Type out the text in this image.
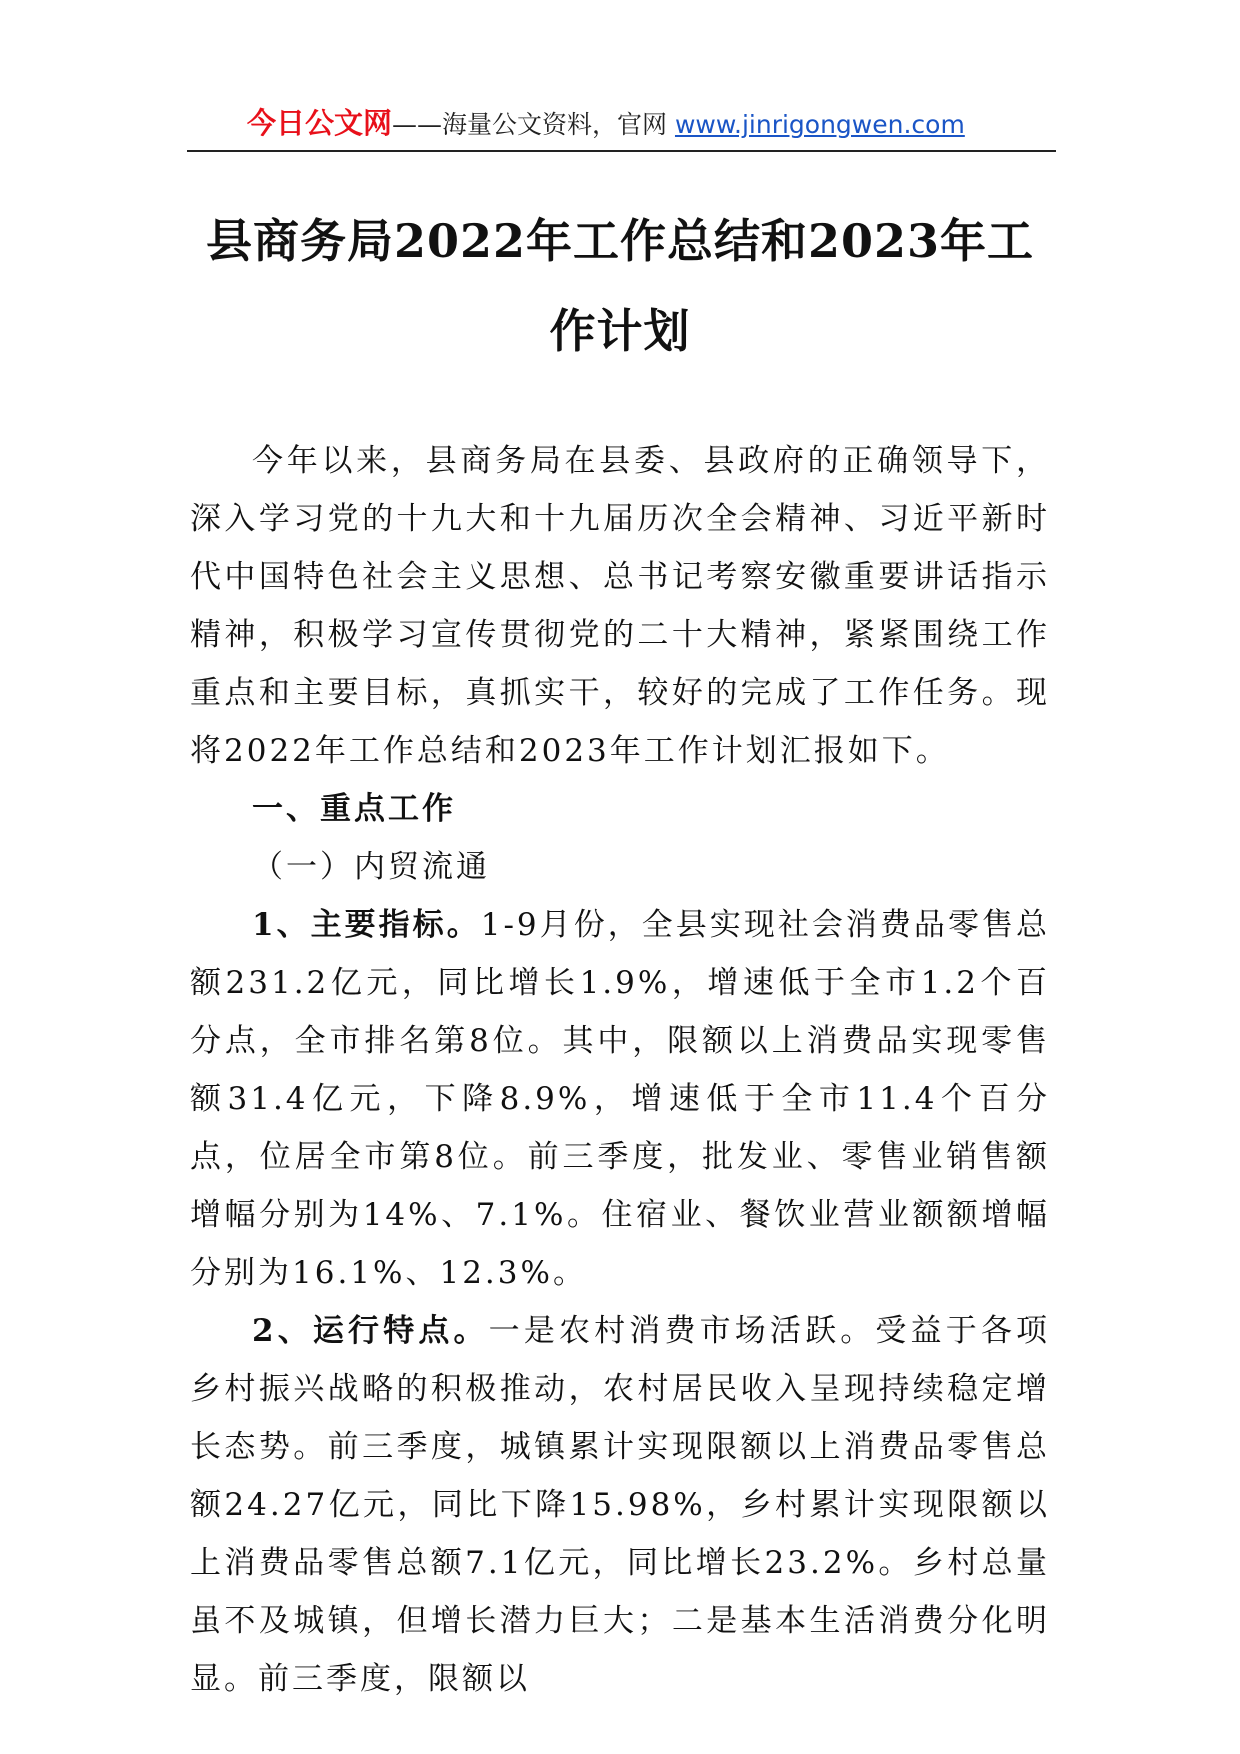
今日公文网——海量公文资料，官网 www.jinrigongwen.com
县商务局2022年工作总结和2023年工作计划

今年以来，县商务局在县委、县政府的正确领导下，深入学习党的十九大和十九届历次全会精神、习近平新时代中国特色社会主义思想、总书记考察安徽重要讲话指示精神，积极学习宣传贯彻党的二十大精神，紧紧围绕工作重点和主要目标，真抓实干，较好的完成了工作任务。现将2022年工作总结和2023年工作计划汇报如下。

一、重点工作

（一）内贸流通

1、主要指标。1-9月份，全县实现社会消费品零售总额231.2亿元，同比增长1.9%，增速低于全市1.2个百分点，全市排名第8位。其中，限额以上消费品实现零售额31.4亿元，下降8.9%，增速低于全市11.4个百分点，位居全市第8位。前三季度，批发业、零售业销售额增幅分别为14%、7.1%。住宿业、餐饮业营业额额增幅分别为16.1%、12.3%。

2、运行特点。一是农村消费市场活跃。受益于各项乡村振兴战略的积极推动，农村居民收入呈现持续稳定增长态势。前三季度，城镇累计实现限额以上消费品零售总额24.27亿元，同比下降15.98%，乡村累计实现限额以上消费品零售总额7.1亿元，同比增长23.2%。乡村总量虽不及城镇，但增长潜力巨大；二是基本生活消费分化明显。前三季度，限额以
